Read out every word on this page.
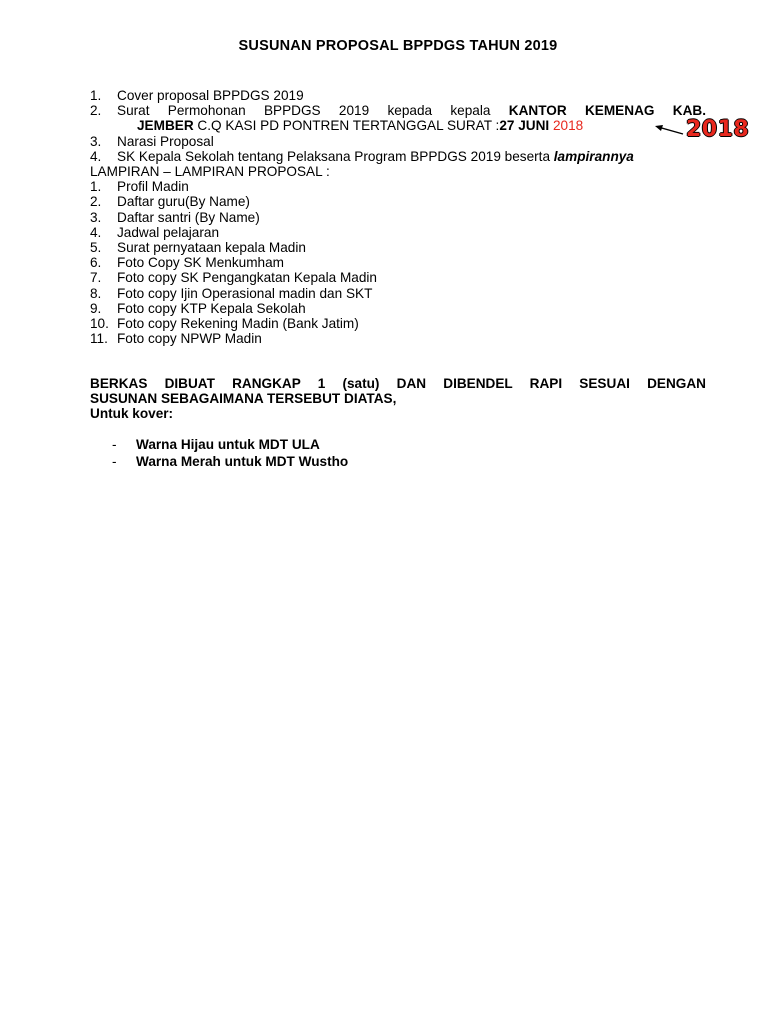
SUSUNAN PROPOSAL BPPDGS TAHUN 2019
1.	Cover proposal BPPDGS 2019
2.	Surat Permohonan BPPDGS 2019 kepada kepala KANTOR KEMENAG KAB.
JEMBER C.Q KASI PD PONTREN TERTANGGAL SURAT :27 JUNI 2018
3.	Narasi Proposal
4.	SK Kepala Sekolah tentang Pelaksana Program BPPDGS 2019 beserta lampirannya
LAMPIRAN – LAMPIRAN PROPOSAL :
1.	Profil Madin
2.	Daftar guru(By Name)
3.	Daftar santri (By Name)
4.	Jadwal pelajaran
5.	Surat pernyataan kepala Madin
6.	Foto Copy SK Menkumham
7.	Foto copy SK Pengangkatan Kepala Madin
8.	Foto copy Ijin Operasional madin dan SKT
9.	Foto copy KTP Kepala Sekolah
10. Foto copy Rekening Madin (Bank Jatim)
11. Foto copy NPWP Madin
BERKAS DIBUAT RANGKAP 1 (satu) DAN DIBENDEL RAPI SESUAI DENGAN
SUSUNAN SEBAGAIMANA TERSEBUT DIATAS,
Untuk kover:
-	Warna Hijau untuk MDT ULA
-	Warna Merah untuk MDT Wustho
2018
